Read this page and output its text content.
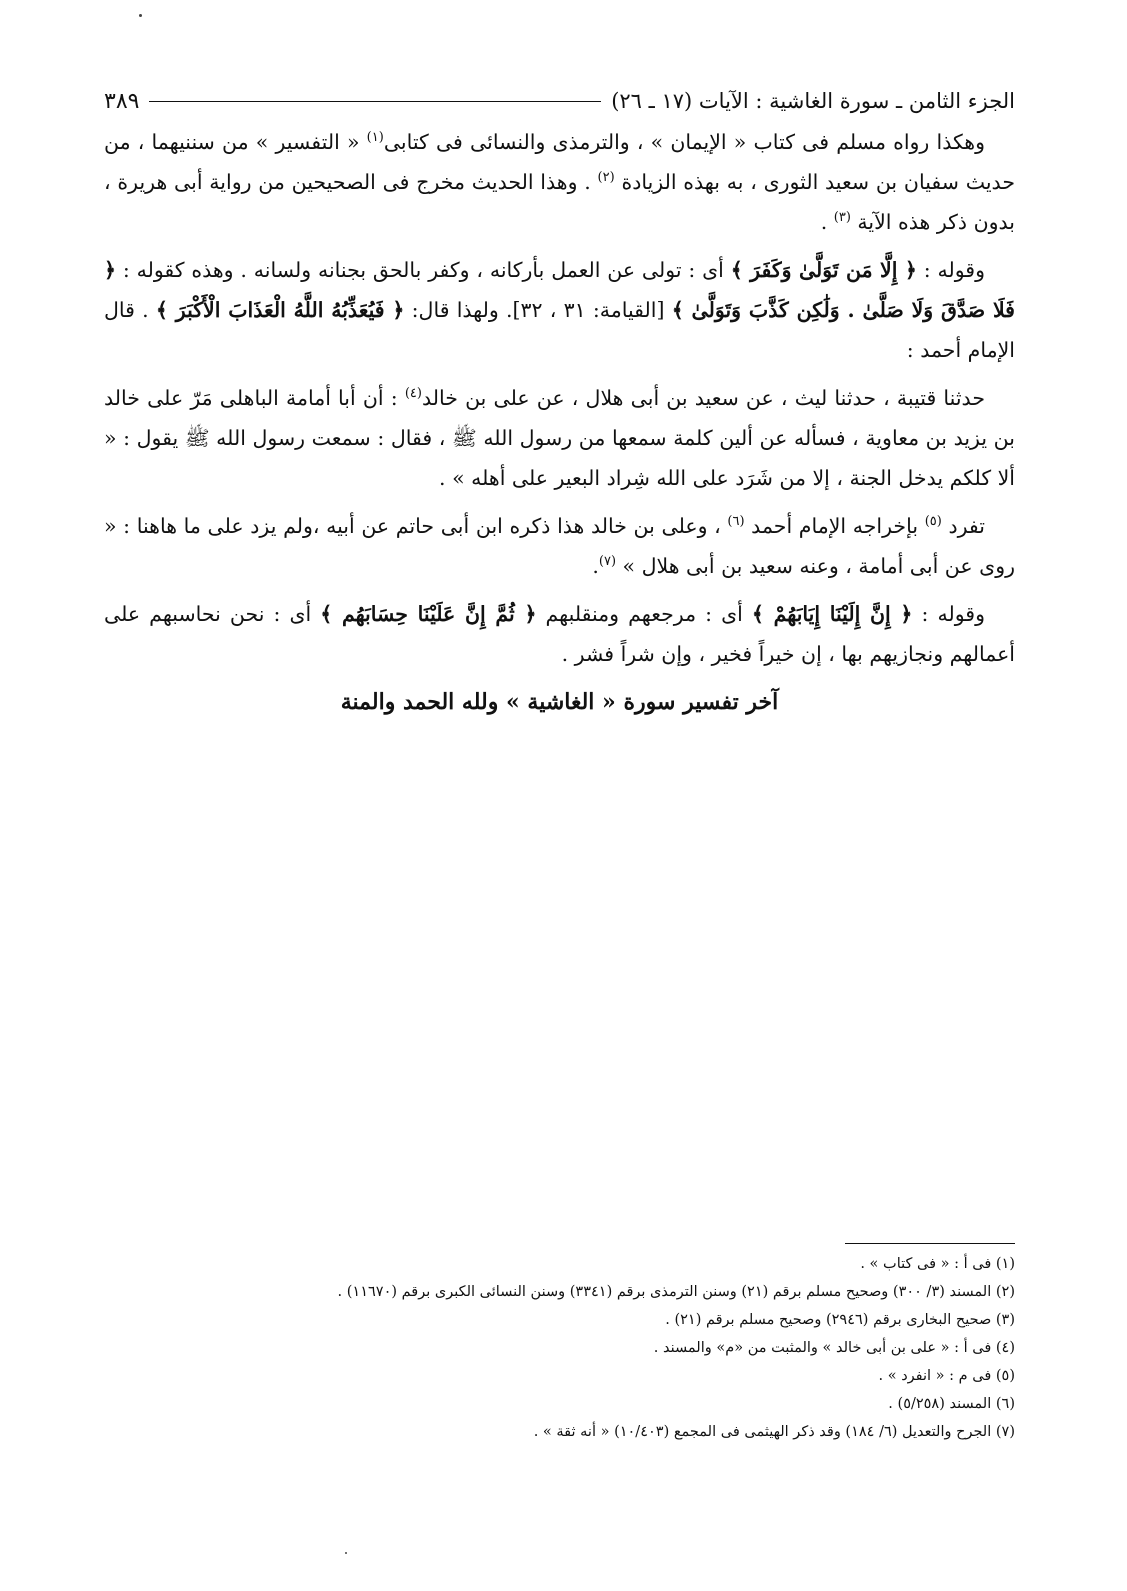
الجزء الثامن ـ سورة الغاشية : الآيات (١٧ ـ ٢٦)
٣٨٩

وهكذا رواه مسلم فى كتاب « الإيمان » ، والترمذى والنسائى فى كتابى$^{(١)}$ « التفسير » من سننيهما ، من حديث سفيان بن سعيد الثورى ، به بهذه الزيادة $^{(٢)}$ . وهذا الحديث مخرج فى الصحيحين من رواية أبى هريرة ، بدون ذكر هذه الآية $^{(٣)}$ .

وقوله : ﴿ إِلَّا مَن تَوَلَّىٰ وَكَفَرَ ﴾ أى : تولى عن العمل بأركانه ، وكفر بالحق بجنانه ولسانه . وهذه كقوله : ﴿ فَلَا صَدَّقَ وَلَا صَلَّىٰ . وَلَٰكِن كَذَّبَ وَتَوَلَّىٰ ﴾ [القيامة: ٣١ ، ٣٢]. ولهذا قال: ﴿ فَيُعَذِّبُهُ اللَّهُ الْعَذَابَ الْأَكْبَرَ ﴾ . قال الإمام أحمد :

حدثنا قتيبة ، حدثنا ليث ، عن سعيد بن أبى هلال ، عن على بن خالد$^{(٤)}$ : أن أبا أمامة الباهلى مَرّ على خالد بن يزيد بن معاوية ، فسأله عن ألين كلمة سمعها من رسول الله ﷺ ، فقال : سمعت رسول الله ﷺ يقول : « ألا كلكم يدخل الجنة ، إلا من شَرَد على الله شِراد البعير على أهله » .

تفرد $^{(٥)}$ بإخراجه الإمام أحمد $^{(٦)}$ ، وعلى بن خالد هذا ذكره ابن أبى حاتم عن أبيه ،ولم يزد على ما هاهنا : « روى عن أبى أمامة ، وعنه سعيد بن أبى هلال » $^{(٧)}$.

وقوله : ﴿ إِنَّ إِلَيْنَا إِيَابَهُمْ ﴾ أى : مرجعهم ومنقلبهم ﴿ ثُمَّ إِنَّ عَلَيْنَا حِسَابَهُم ﴾ أى : نحن نحاسبهم على أعمالهم ونجازيهم بها ، إن خيراً فخير ، وإن شراً فشر .

آخر تفسير سورة « الغاشية » ولله الحمد والمنة

(١) فى أ : « فى كتاب » .

(٢) المسند (٣/ ٣٠٠) وصحيح مسلم برقم (٢١) وسنن الترمذى برقم (٣٣٤١) وسنن النسائى الكبرى برقم (١١٦٧٠) .

(٣) صحيح البخارى برقم (٢٩٤٦) وصحيح مسلم برقم (٢١) .

(٤) فى أ : « على بن أبى خالد » والمثبت من «م» والمسند .

(٥) فى م : « انفرد » .

(٦) المسند (٥/٢٥٨) .

(٧) الجرح والتعديل (٦/ ١٨٤) وقد ذكر الهيثمى فى المجمع (١٠/٤٠٣) « أنه ثقة » .
